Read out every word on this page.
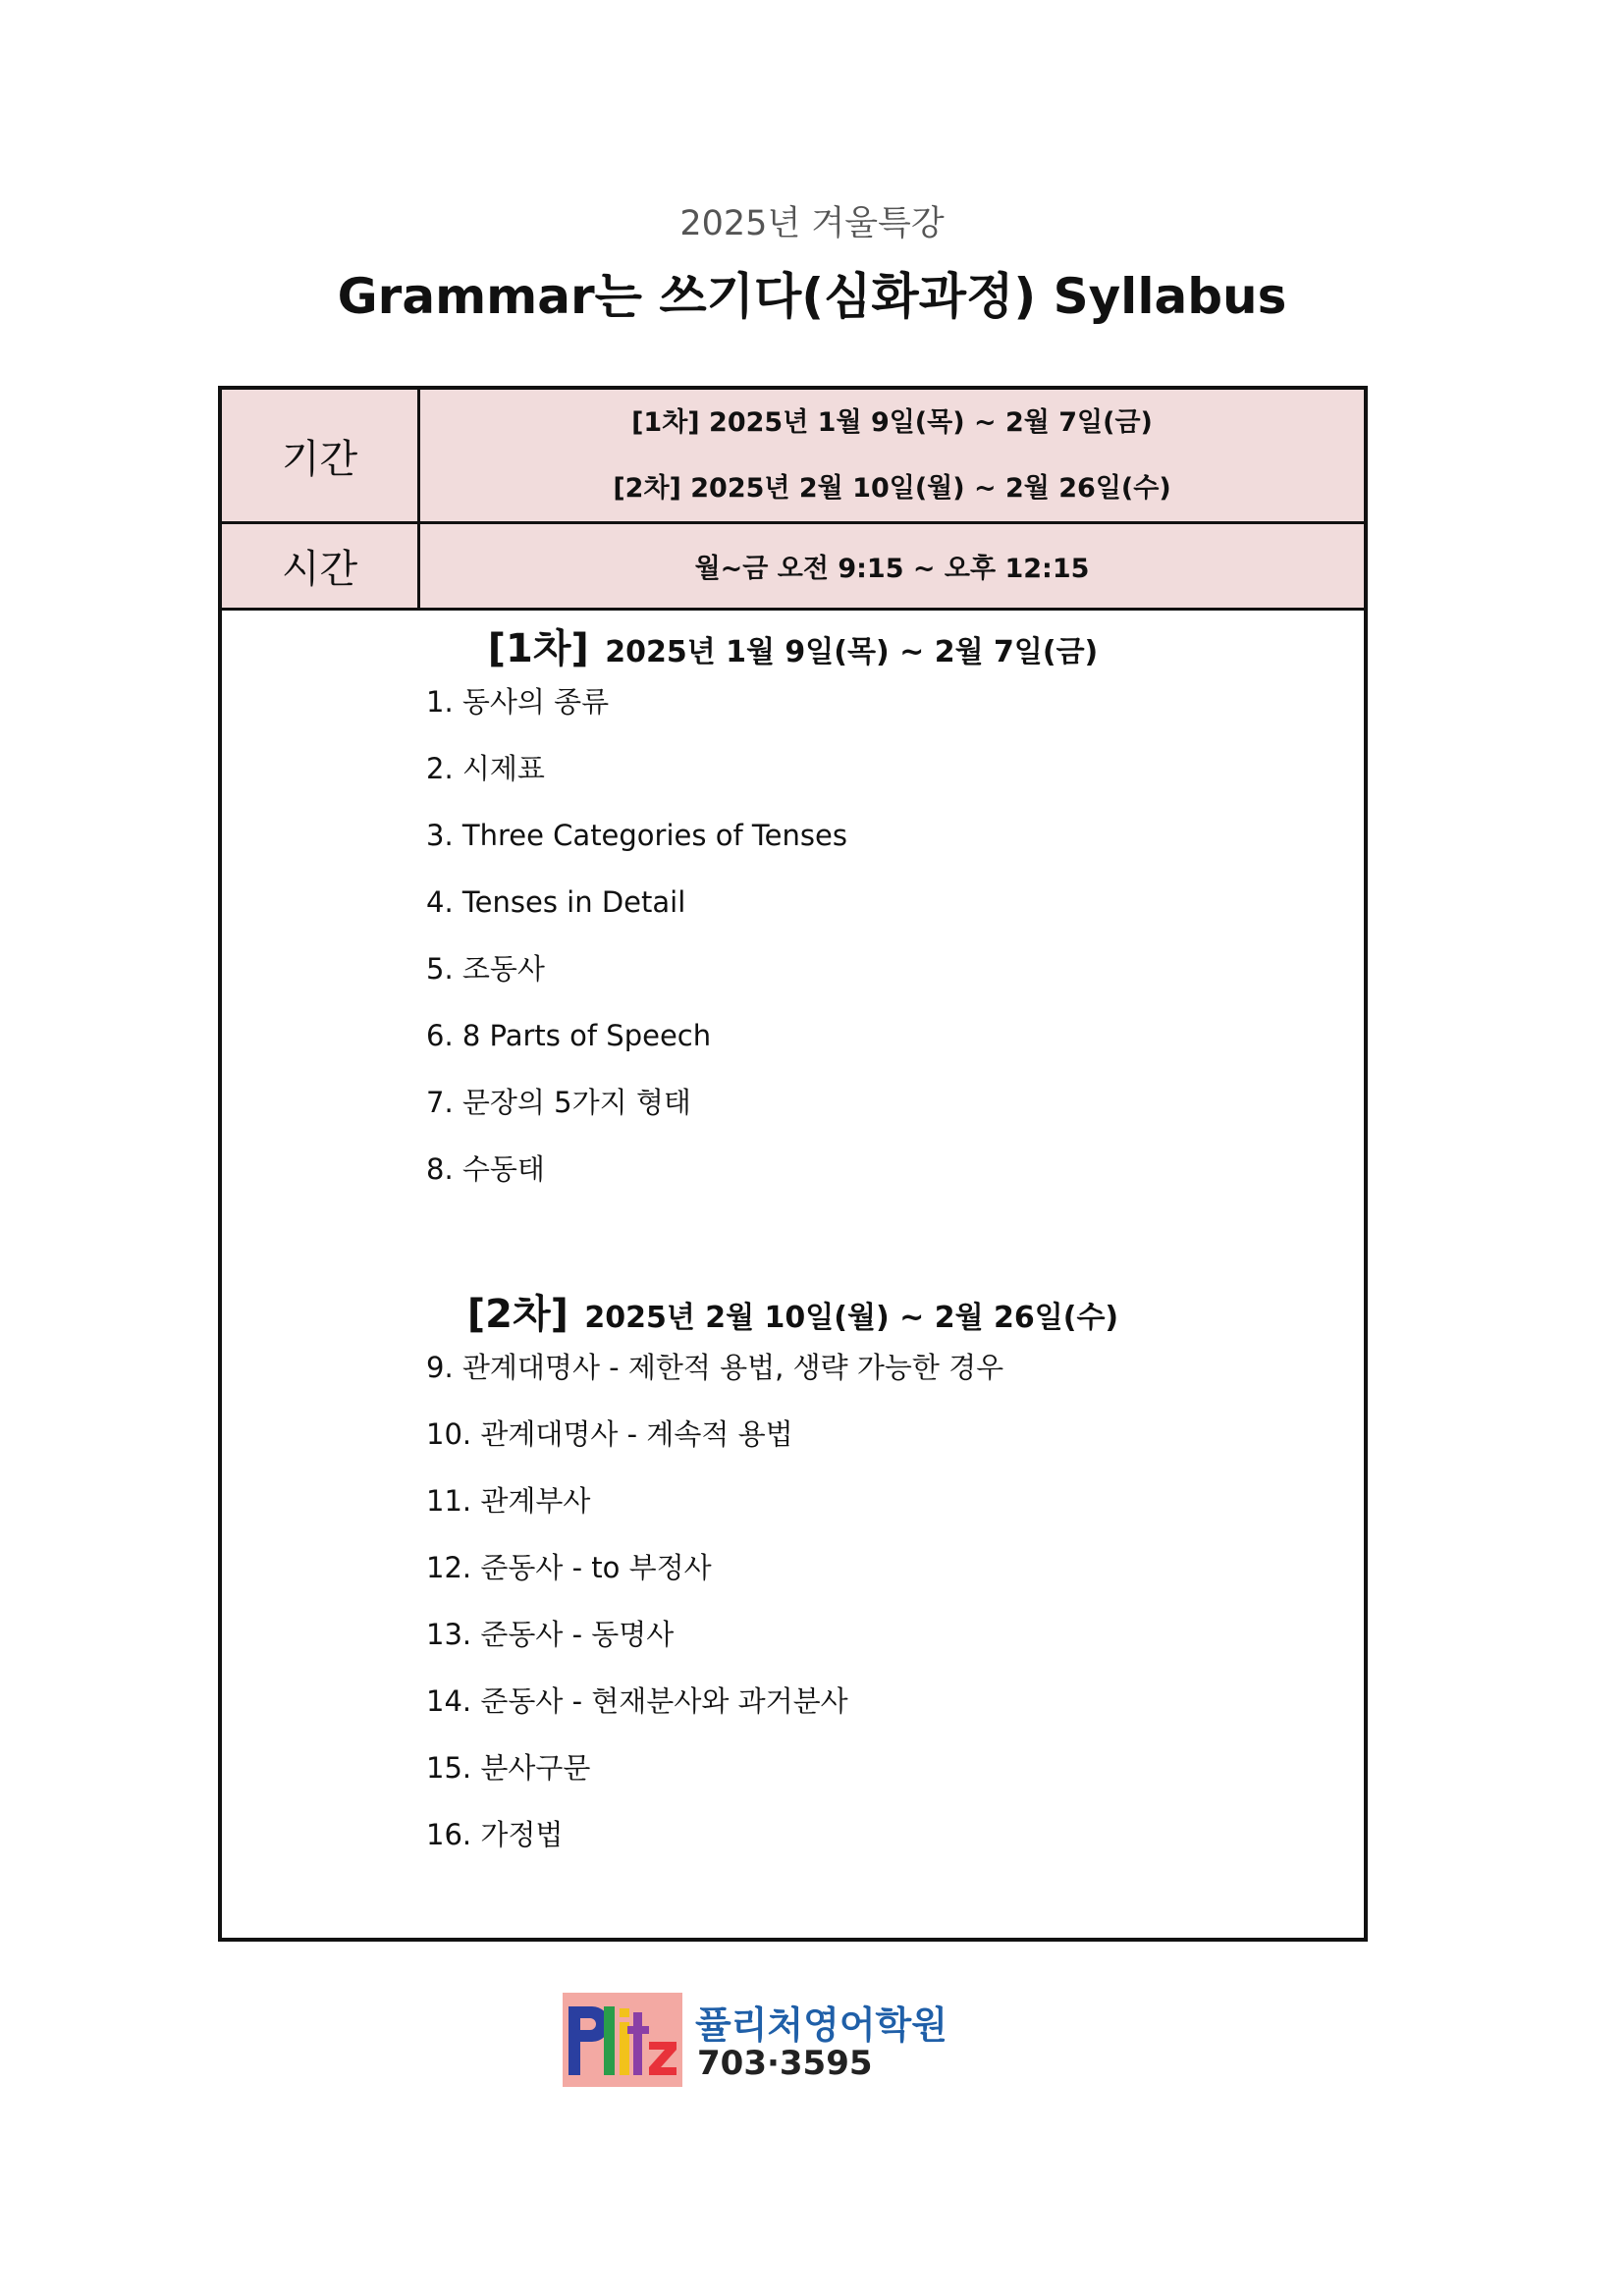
2025년 겨울특강
Grammar는 쓰기다(심화과정) Syllabus
기간
[1차] 2025년 1월 9일(목) ~ 2월 7일(금)
[2차] 2025년 2월 10일(월) ~ 2월 26일(수)
시간	월~금 오전 9:15 ~ 오후 12:15
[1차] 2025년 1월 9일(목) ~ 2월 7일(금)
1. 동사의 종류
2. 시제표
3. Three Categories of Tenses
4. Tenses in Detail
5. 조동사
6. 8 Parts of Speech
7. 문장의 5가지 형태
8. 수동태
[2차] 2025년 2월 10일(월) ~ 2월 26일(수)
9. 관계대명사 - 제한적 용법, 생략 가능한 경우
10. 관계대명사 - 계속적 용법
11. 관계부사
12. 준동사 - to 부정사
13. 준동사 - 동명사
14. 준동사 - 현재분사와 과거분사
15. 분사구문
16. 가정법
퓰리처영어학원
703·3595
